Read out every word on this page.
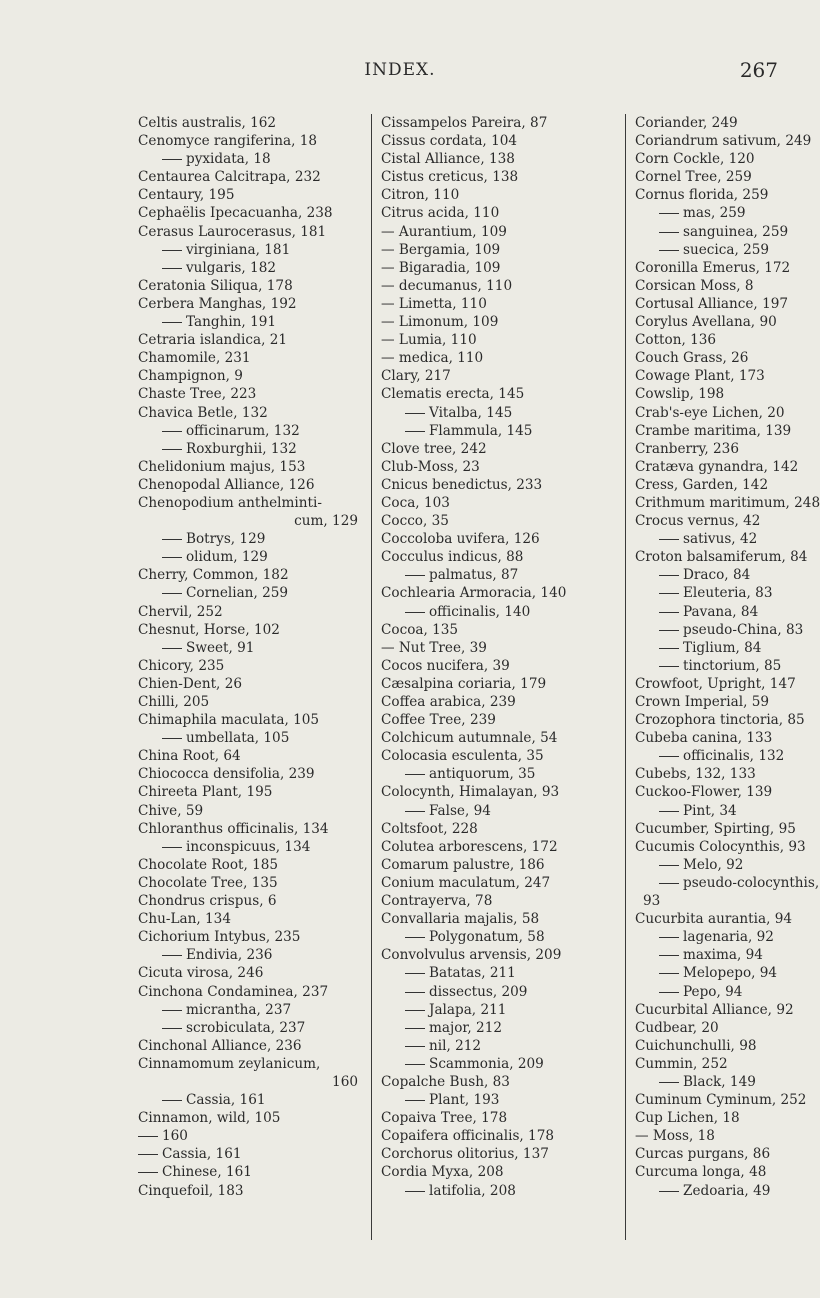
INDEX.	267
Celtis australis, 162
Cenomyce rangiferina, 18
pyxidata, 18
Centaurea Calcitrapa, 232
Centaury, 195
Cephaëlis Ipecacuanha, 238
Cerasus Laurocerasus, 181
virginiana, 181
vulgaris, 182
Ceratonia Siliqua, 178
Cerbera Manghas, 192
Tanghin, 191
Cetraria islandica, 21
Chamomile, 231
Champignon, 9
Chaste Tree, 223
Chavica Betle, 132
officinarum, 132
Roxburghii, 132
Chelidonium majus, 153
Chenopodal Alliance, 126
Chenopodium anthelminti-
cum, 129
Botrys, 129
olidum, 129
Cherry, Common, 182
Cornelian, 259
Chervil, 252
Chesnut, Horse, 102
Sweet, 91
Chicory, 235
Chien-Dent, 26
Chilli, 205
Chimaphila maculata, 105
umbellata, 105
China Root, 64
Chiococca densifolia, 239
Chireeta Plant, 195
Chive, 59
Chloranthus officinalis, 134
inconspicuus, 134
Chocolate Root, 185
Chocolate Tree, 135
Chondrus crispus, 6
Chu-Lan, 134
Cichorium Intybus, 235
Endivia, 236
Cicuta virosa, 246
Cinchona Condaminea, 237
micrantha, 237
scrobiculata, 237
Cinchonal Alliance, 236
Cinnamomum zeylanicum,
160
Cassia, 161
Cinnamon, wild, 105
160
Cassia, 161
Chinese, 161
Cinquefoil, 183
Cissampelos Pareira, 87
Cissus cordata, 104
Cistal Alliance, 138
Cistus creticus, 138
Citron, 110
Citrus acida, 110
— Aurantium, 109
— Bergamia, 109
— Bigaradia, 109
— decumanus, 110
— Limetta, 110
— Limonum, 109
— Lumia, 110
— medica, 110
Clary, 217
Clematis erecta, 145
Vitalba, 145
Flammula, 145
Clove tree, 242
Club-Moss, 23
Cnicus benedictus, 233
Coca, 103
Cocco, 35
Coccoloba uvifera, 126
Cocculus indicus, 88
palmatus, 87
Cochlearia Armoracia, 140
officinalis, 140
Cocoa, 135
— Nut Tree, 39
Cocos nucifera, 39
Cæsalpina coriaria, 179
Coffea arabica, 239
Coffee Tree, 239
Colchicum autumnale, 54
Colocasia esculenta, 35
antiquorum, 35
Colocynth, Himalayan, 93
False, 94
Coltsfoot, 228
Colutea arborescens, 172
Comarum palustre, 186
Conium maculatum, 247
Contrayerva, 78
Convallaria majalis, 58
Polygonatum, 58
Convolvulus arvensis, 209
Batatas, 211
dissectus, 209
Jalapa, 211
major, 212
nil, 212
Scammonia, 209
Copalche Bush, 83
Plant, 193
Copaiva Tree, 178
Copaifera officinalis, 178
Corchorus olitorius, 137
Cordia Myxa, 208
latifolia, 208
Coriander, 249
Coriandrum sativum, 249
Corn Cockle, 120
Cornel Tree, 259
Cornus florida, 259
mas, 259
sanguinea, 259
suecica, 259
Coronilla Emerus, 172
Corsican Moss, 8
Cortusal Alliance, 197
Corylus Avellana, 90
Cotton, 136
Couch Grass, 26
Cowage Plant, 173
Cowslip, 198
Crab's-eye Lichen, 20
Crambe maritima, 139
Cranberry, 236
Cratæva gynandra, 142
Cress, Garden, 142
Crithmum maritimum, 248
Crocus vernus, 42
sativus, 42
Croton balsamiferum, 84
Draco, 84
Eleuteria, 83
Pavana, 84
pseudo-China, 83
Tiglium, 84
tinctorium, 85
Crowfoot, Upright, 147
Crown Imperial, 59
Crozophora tinctoria, 85
Cubeba canina, 133
officinalis, 132
Cubebs, 132, 133
Cuckoo-Flower, 139
Pint, 34
Cucumber, Spirting, 95
Cucumis Colocynthis, 93
Melo, 92
pseudo-colocynthis,
93
Cucurbita aurantia, 94
lagenaria, 92
maxima, 94
Melopepo, 94
Pepo, 94
Cucurbital Alliance, 92
Cudbear, 20
Cuichunchulli, 98
Cummin, 252
Black, 149
Cuminum Cyminum, 252
Cup Lichen, 18
— Moss, 18
Curcas purgans, 86
Curcuma longa, 48
Zedoaria, 49
